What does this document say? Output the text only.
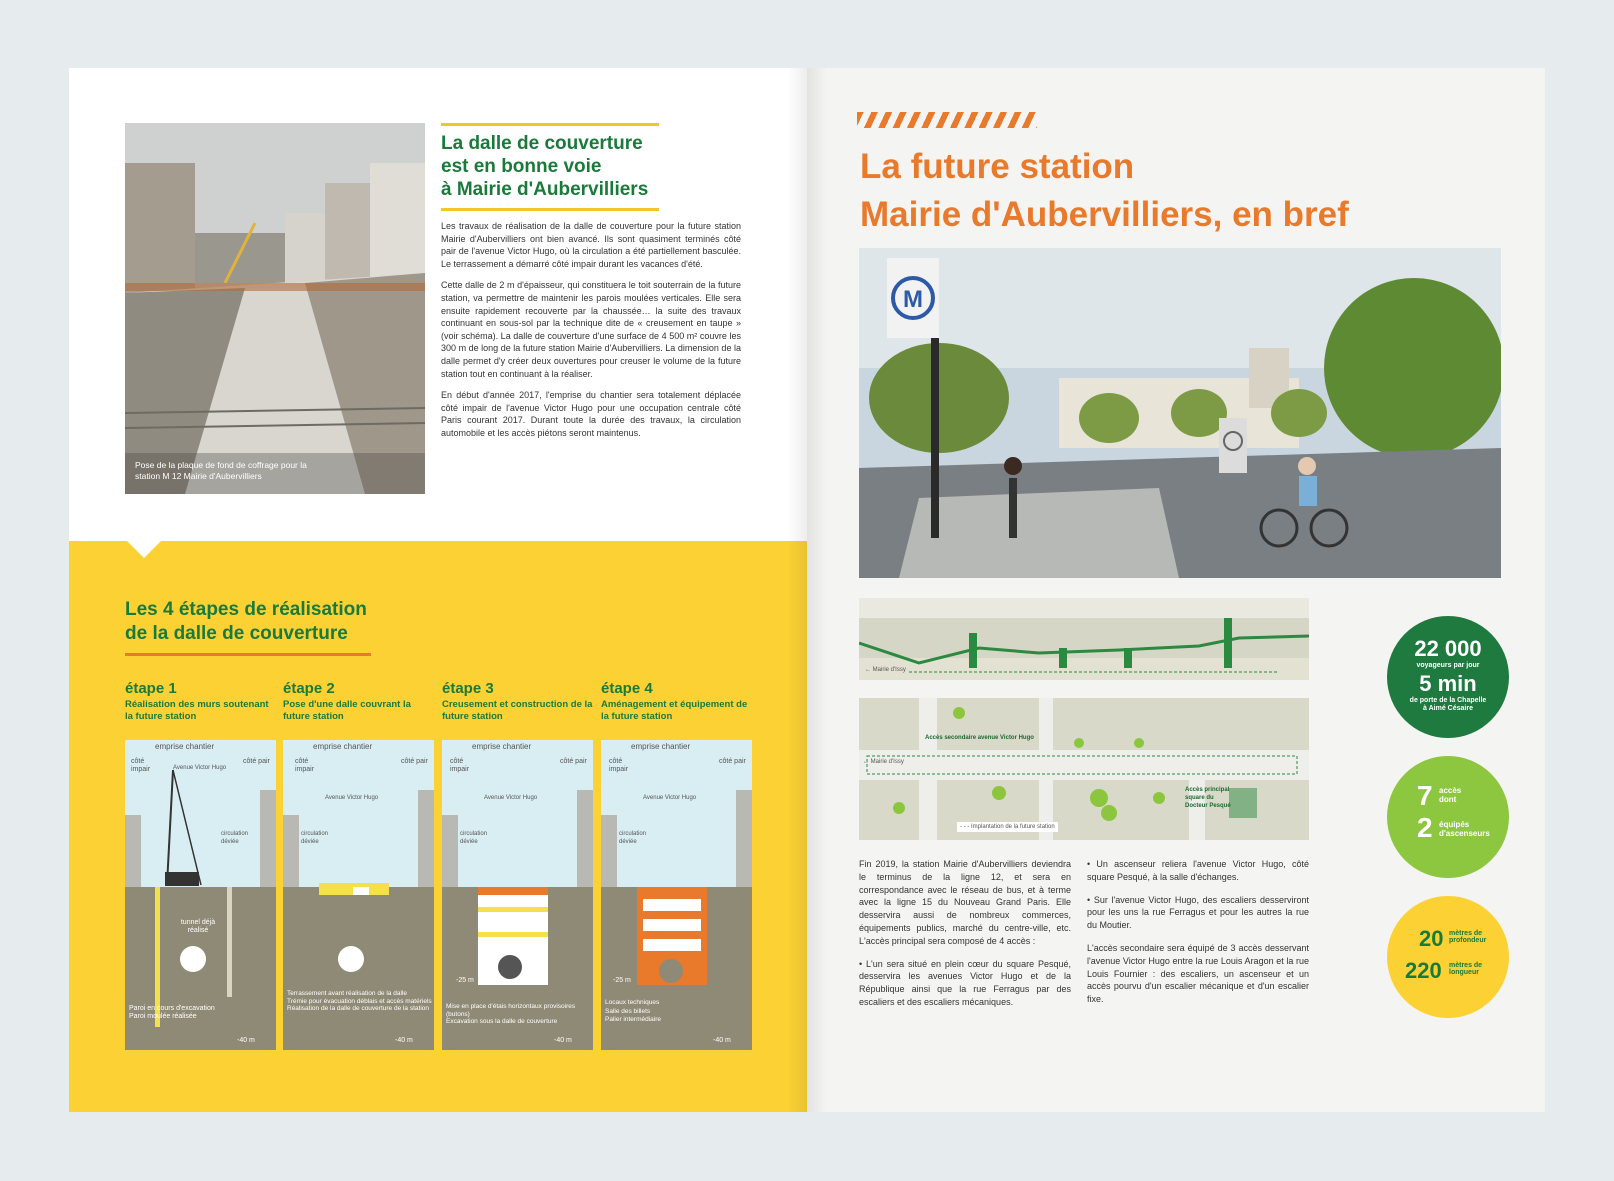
Pose de la plaque de fond de coffrage pour la station M 12 Mairie d'Aubervilliers
La dalle de couverture
est en bonne voie
à Mairie d'Aubervilliers

Les travaux de réalisation de la dalle de couverture pour la future station Mairie d'Aubervilliers ont bien avancé. Ils sont quasiment terminés côté pair de l'avenue Victor Hugo, où la circulation a été partiellement basculée. Le terrassement a démarré côté impair durant les vacances d'été.

Cette dalle de 2 m d'épaisseur, qui constituera le toit souterrain de la future station, va permettre de maintenir les parois moulées verticales. Elle sera ensuite rapidement recouverte par la chaussée… la suite des travaux continuant en sous-sol par la technique dite de « creusement en taupe » (voir schéma). La dalle de couverture d'une surface de 4 500 m² couvre les 300 m de long de la future station Mairie d'Aubervilliers. La dimension de la dalle permet d'y créer deux ouvertures pour creuser le volume de la future station tout en continuant à la réaliser.

En début d'année 2017, l'emprise du chantier sera totalement déplacée côté impair de l'avenue Victor Hugo pour une occupation centrale côté Paris courant 2017. Durant toute la durée des travaux, la circulation automobile et les accès piétons seront maintenus.

Les 4 étapes de réalisation
de la dalle de couverture
étape 1
Réalisation des murs soutenant la future station
étape 2
Pose d'une dalle couvrant la future station
étape 3
Creusement et construction de la future station
étape 4
Aménagement et équipement de la future station
emprise chantier
côté impair
côté pair
Avenue Victor Hugo
circulation déviée
tunnel déjà réalisé
Paroi en cours d'excavation
Paroi moulée réalisée
-40 m
emprise chantier
côté impair
côté pair
Avenue Victor Hugo
circulation déviée
Terrassement avant réalisation de la dalle
Trémie pour évacuation déblais et accès matériels
Réalisation de la dalle de couverture de la station
-40 m
emprise chantier
côté impair
côté pair
Avenue Victor Hugo
circulation déviée
-25 m
Mise en place d'étais horizontaux provisoires (butons)
Excavation sous la dalle de couverture
-40 m
emprise chantier
côté impair
côté pair
Avenue Victor Hugo
circulation déviée
-25 m
Locaux techniques
Salle des billets
Palier intermédiaire
-40 m
La future station
Mairie d'Aubervilliers, en bref
M
← Mairie d'Issy
Accès secondaire avenue Victor Hugo
← Mairie d'Issy
Accès principal square du Docteur Pesqué
- - - Implantation de la future station
22 000
voyageurs par jour
5 min
de porte de la Chapelle à Aimé Césaire
7 accès dont
2 équipés d'ascenseurs
20 mètres de profondeur
220 mètres de longueur

Fin 2019, la station Mairie d'Aubervilliers deviendra le terminus de la ligne 12, et sera en correspondance avec le réseau de bus, et à terme avec la ligne 15 du Nouveau Grand Paris. Elle desservira aussi de nombreux commerces, équipements publics, marché du centre-ville, etc. L'accès principal sera composé de 4 accès :

• L'un sera situé en plein cœur du square Pesqué, desservira les avenues Victor Hugo et de la République ainsi que la rue Ferragus par des escaliers et des escaliers mécaniques.

• Un ascenseur reliera l'avenue Victor Hugo, côté square Pesqué, à la salle d'échanges.

• Sur l'avenue Victor Hugo, des escaliers desserviront pour les uns la rue Ferragus et pour les autres la rue du Moutier.

L'accès secondaire sera équipé de 3 accès desservant l'avenue Victor Hugo entre la rue Louis Aragon et la rue Louis Fournier : des escaliers, un ascenseur et un accès pourvu d'un escalier mécanique et d'un escalier fixe.
